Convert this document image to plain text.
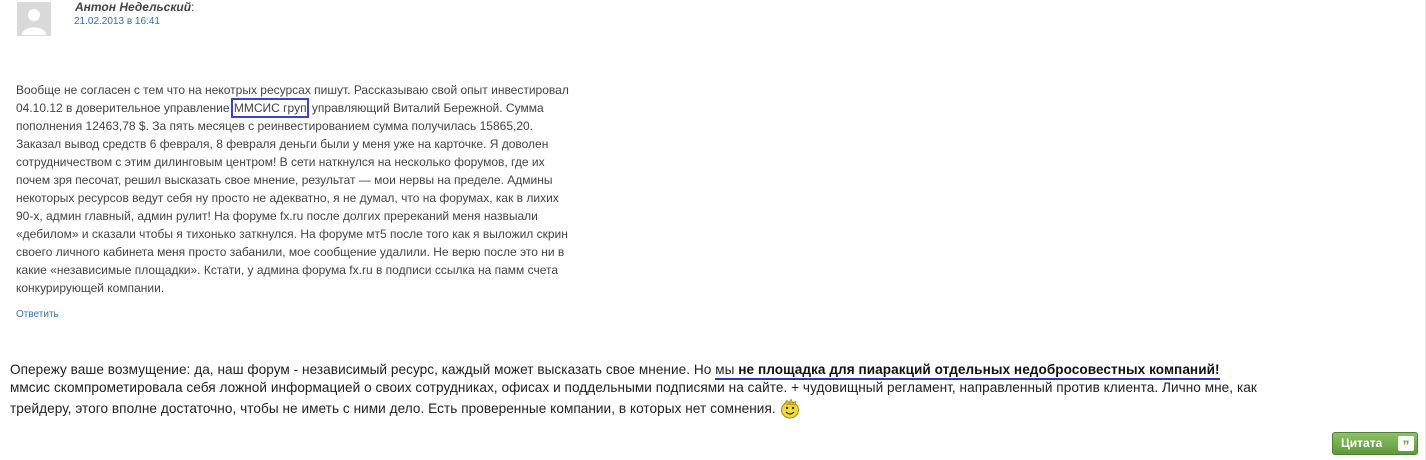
Антон Недельский:
21.02.2013 в 16:41
Вообще не согласен с тем что на некотрых ресурсах пишут. Рассказываю свой опыт инвестировал
04.10.12 в доверительное управление ММСИС груп управляющий Виталий Бережной. Сумма
пополнения 12463,78 $. За пять месяцев с реинвестированием сумма получилась 15865,20.
Заказал вывод средств 6 февраля, 8 февраля деньги были у меня уже на карточке. Я доволен
сотрудничеством с этим дилинговым центром! В сети наткнулся на несколько форумов, где их
почем зря песочат, решил высказать свое мнение, результат — мои нервы на пределе. Админы
некоторых ресурсов ведут себя ну просто не адекватно, я не думал, что на форумах, как в лихих
90-х, админ главный, админ рулит! На форуме fx.ru после долгих пререканий меня назвыали
«дебилом» и сказали чтобы я тихонько заткнулся. На форуме мт5 после того как я выложил скрин
своего личного кабинета меня просто забанили, мое сообщение удалили. Не верю после это ни в
какие «независимые площадки». Кстати, у админа форума fx.ru в подписи ссылка на памм счета
конкурирующей компании.
Ответить
Опережу ваше возмущение: да, наш форум - независимый ресурс, каждый может высказать свое мнение. Но мы не площадка для пиаракций отдельных недобросовестных компаний!
ммсис скомпрометировала себя ложной информацией о своих сотрудниках, офисах и поддельными подписями на сайте. + чудовищный регламент, направленный против клиента. Лично мне, как
трейдеру, этого вполне достаточно, чтобы не иметь с ними дело. Есть проверенные компании, в которых нет сомнения.
Цитата	”
